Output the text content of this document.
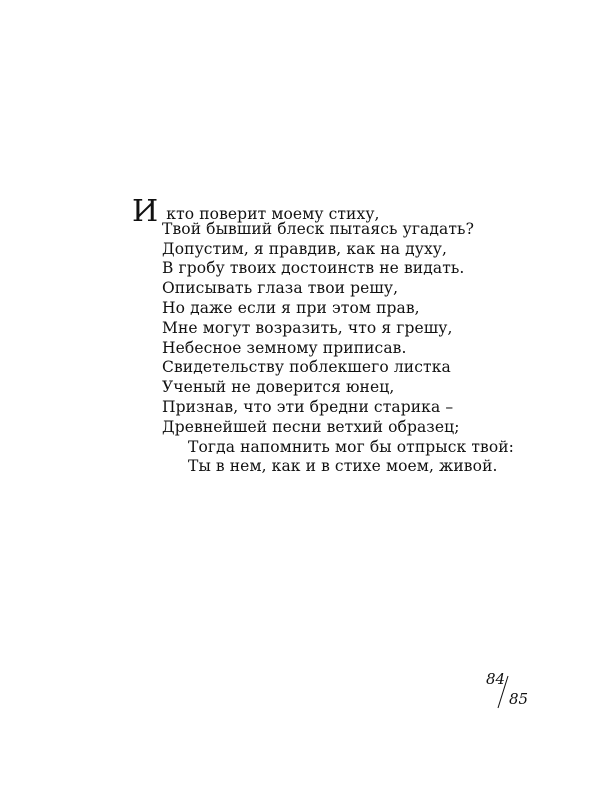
И кто поверит моему стиху,
Твой бывший блеск пытаясь угадать?
Допустим, я правдив, как на духу,
В гробу твоих достоинств не видать.
Описывать глаза твои решу,
Но даже если я при этом прав,
Мне могут возразить, что я грешу,
Небесное земному приписав.
Свидетельству поблекшего листка
Ученый не доверится юнец,
Признав, что эти бредни старика –
Древнейшей песни ветхий образец;
Тогда напомнить мог бы отпрыск твой:
Ты в нем, как и в стихе моем, живой.
84
85
